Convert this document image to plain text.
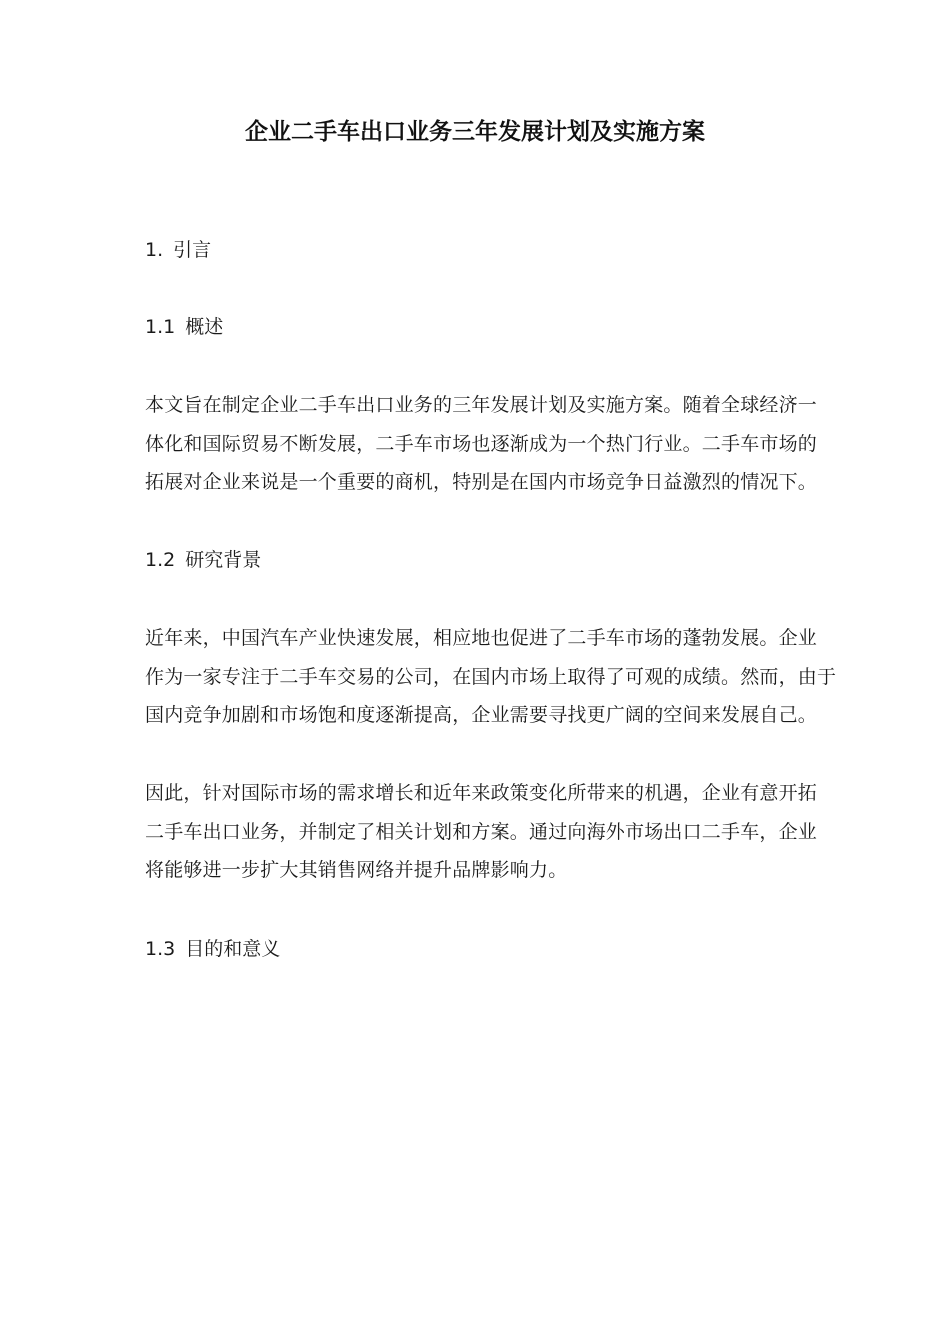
企业二手车出口业务三年发展计划及实施方案
1. 引言
1.1 概述

本文旨在制定企业二手车出口业务的三年发展计划及实施方案。随着全球经济一
体化和国际贸易不断发展，二手车市场也逐渐成为一个热门行业。二手车市场的
拓展对企业来说是一个重要的商机，特别是在国内市场竞争日益激烈的情况下。

1.2 研究背景

近年来，中国汽车产业快速发展，相应地也促进了二手车市场的蓬勃发展。企业
作为一家专注于二手车交易的公司，在国内市场上取得了可观的成绩。然而，由于
国内竞争加剧和市场饱和度逐渐提高，企业需要寻找更广阔的空间来发展自己。

因此，针对国际市场的需求增长和近年来政策变化所带来的机遇，企业有意开拓
二手车出口业务，并制定了相关计划和方案。通过向海外市场出口二手车，企业
将能够进一步扩大其销售网络并提升品牌影响力。

1.3 目的和意义
